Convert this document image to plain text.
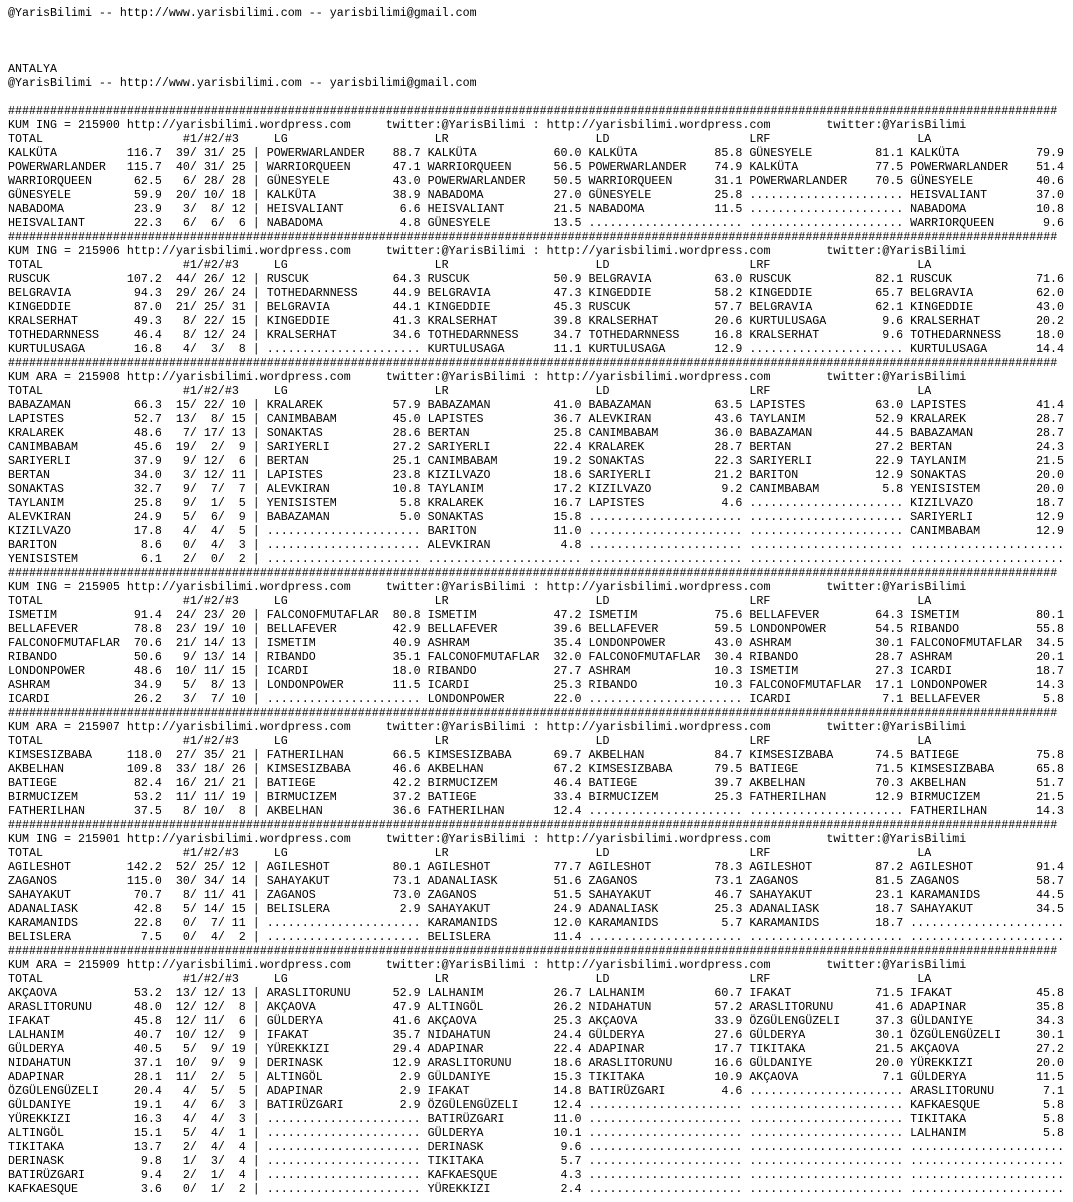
@YarisBilimi -- http://www.yarisbilimi.com -- yarisbilimi@gmail.com
ANTALYA
@YarisBilimi -- http://www.yarisbilimi.com -- yarisbilimi@gmail.com
######################################################################################################################################################
KUM ING = 215900 http://yarisbilimi.wordpress.com     twitter:@YarisBilimi : http://yarisbilimi.wordpress.com        twitter:@YarisBilimi
TOTAL	#1/#2/#3	LG	LR	LD	LRF	LA
KALKÜTA	116.7 39/ 31/ 25 | POWERWARLANDER 88.7 KALKÜTA	60.0 KALKÜTA	85.8 GÜNESYELE	81.1 KALKÜTA	79.9
POWERWARLANDER 115.7 40/ 31/ 25 | WARRIORQUEEN	47.1 WARRIORQUEEN	56.5 POWERWARLANDER 74.9 KALKÜTA	77.5 POWERWARLANDER 51.4
WARRIORQUEEN	62.5 6/ 28/ 28 | GÜNESYELE	43.0 POWERWARLANDER 50.5 WARRIORQUEEN	31.1 POWERWARLANDER 70.5 GÜNESYELE	40.6
GÜNESYELE	59.9 20/ 10/ 18 | KALKÜTA	38.9 NABADOMA	27.0 GÜNESYELE	25.8 ...................... HEISVALIANT	37.0
NABADOMA	23.9 3/ 8/ 12 | HEISVALIANT	6.6 HEISVALIANT	21.5 NABADOMA	11.5 ...................... NABADOMA	10.8
HEISVALIANT	22.3 6/ 6/ 6 | NABADOMA	4.8 GÜNESYELE	13.5 ...................... ...................... WARRIORQUEEN	9.6
######################################################################################################################################################
KUM ING = 215906 http://yarisbilimi.wordpress.com     twitter:@YarisBilimi : http://yarisbilimi.wordpress.com        twitter:@YarisBilimi
TOTAL	#1/#2/#3	LG	LR	LD	LRF	LA
RUSCUK	107.2 44/ 26/ 12 | RUSCUK	64.3 RUSCUK	50.9 BELGRAVIA	63.0 RUSCUK	82.1 RUSCUK	71.6
BELGRAVIA	94.3 29/ 26/ 24 | TOTHEDARNNESS	44.9 BELGRAVIA	47.3 KINGEDDIE	58.2 KINGEDDIE	65.7 BELGRAVIA	62.0
KINGEDDIE	87.0 21/ 25/ 31 | BELGRAVIA	44.1 KINGEDDIE	45.3 RUSCUK	57.7 BELGRAVIA	62.1 KINGEDDIE	43.0
KRALSERHAT	49.3 8/ 22/ 15 | KINGEDDIE	41.3 KRALSERHAT	39.8 KRALSERHAT	20.6 KURTULUSAGA	9.6 KRALSERHAT	20.2
TOTHEDARNNESS	46.4 8/ 12/ 24 | KRALSERHAT	34.6 TOTHEDARNNESS	34.7 TOTHEDARNNESS	16.8 KRALSERHAT	9.6 TOTHEDARNNESS	18.0
KURTULUSAGA	16.8 4/ 3/ 8 | ...................... KURTULUSAGA	11.1 KURTULUSAGA	12.9 ...................... KURTULUSAGA	14.4
######################################################################################################################################################
KUM ARA = 215908 http://yarisbilimi.wordpress.com     twitter:@YarisBilimi : http://yarisbilimi.wordpress.com        twitter:@YarisBilimi
TOTAL	#1/#2/#3	LG	LR	LD	LRF	LA
BABAZAMAN	66.3 15/ 22/ 10 | KRALAREK	57.9 BABAZAMAN	41.0 BABAZAMAN	63.5 LAPISTES	63.0 LAPISTES	41.4
LAPISTES	52.7 13/ 8/ 15 | CANIMBABAM	45.0 LAPISTES	36.7 ALEVKIRAN	43.6 TAYLANIM	52.9 KRALAREK	28.7
KRALAREK	48.6 7/ 17/ 13 | SONAKTAS	28.6 BERTAN	25.8 CANIMBABAM	36.0 BABAZAMAN	44.5 BABAZAMAN	28.7
CANIMBABAM	45.6 19/ 2/ 9 | SARIYERLI	27.2 SARIYERLI	22.4 KRALAREK	28.7 BERTAN	27.2 BERTAN	24.3
SARIYERLI	37.9 9/ 12/ 6 | BERTAN	25.1 CANIMBABAM	19.2 SONAKTAS	22.3 SARIYERLI	22.9 TAYLANIM	21.5
BERTAN	34.0 3/ 12/ 11 | LAPISTES	23.8 KIZILVAZO	18.6 SARIYERLI	21.2 BARITON	12.9 SONAKTAS	20.0
SONAKTAS	32.7 9/ 7/ 7 | ALEVKIRAN	10.8 TAYLANIM	17.2 KIZILVAZO	9.2 CANIMBABAM	5.8 YENISISTEM	20.0
TAYLANIM	25.8 9/ 1/ 5 | YENISISTEM	5.8 KRALAREK	16.7 LAPISTES	4.6 ...................... KIZILVAZO	18.7
ALEVKIRAN	24.9 5/ 6/ 9 | BABAZAMAN	5.0 SONAKTAS	15.8 ...................... ...................... SARIYERLI	12.9
KIZILVAZO	17.8 4/ 4/ 5 | ...................... BARITON	11.0 ...................... ...................... CANIMBABAM	12.9
BARITON	8.6 0/ 4/ 3 | ...................... ALEVKIRAN	4.8 ...................... ...................... ......................
YENISISTEM	6.1 2/ 0/ 2 | ...................... ...................... ...................... ...................... ......................
######################################################################################################################################################
KUM ING = 215905 http://yarisbilimi.wordpress.com     twitter:@YarisBilimi : http://yarisbilimi.wordpress.com        twitter:@YarisBilimi
TOTAL	#1/#2/#3	LG	LR	LD	LRF	LA
ISMETIM	91.4 24/ 23/ 20 | FALCONOFMUTAFLAR 80.8 ISMETIM	47.2 ISMETIM	75.6 BELLAFEVER	64.3 ISMETIM	80.1
BELLAFEVER	78.8 23/ 19/ 10 | BELLAFEVER	42.9 BELLAFEVER	39.6 BELLAFEVER	59.5 LONDONPOWER	54.5 RIBANDO	55.8
FALCONOFMUTAFLAR 70.6 21/ 14/ 13 | ISMETIM	40.9 ASHRAM	35.4 LONDONPOWER	43.0 ASHRAM	30.1 FALCONOFMUTAFLAR 34.5
RIBANDO	50.6 9/ 13/ 14 | RIBANDO	35.1 FALCONOFMUTAFLAR 32.0 FALCONOFMUTAFLAR 30.4 RIBANDO	28.7 ASHRAM	20.1
LONDONPOWER	48.6 10/ 11/ 15 | ICARDI	18.0 RIBANDO	27.7 ASHRAM	10.3 ISMETIM	27.3 ICARDI	18.7
ASHRAM	34.9 5/ 8/ 13 | LONDONPOWER	11.5 ICARDI	25.3 RIBANDO	10.3 FALCONOFMUTAFLAR 17.1 LONDONPOWER	14.3
ICARDI	26.2 3/ 7/ 10 | ...................... LONDONPOWER	22.0 ...................... ICARDI	7.1 BELLAFEVER	5.8
######################################################################################################################################################
KUM ARA = 215907 http://yarisbilimi.wordpress.com     twitter:@YarisBilimi : http://yarisbilimi.wordpress.com        twitter:@YarisBilimi
TOTAL	#1/#2/#3	LG	LR	LD	LRF	LA
KIMSESIZBABA	118.0 27/ 35/ 21 | FATHERILHAN	66.5 KIMSESIZBABA	69.7 AKBELHAN	84.7 KIMSESIZBABA	74.5 BATIEGE	75.8
AKBELHAN	109.8 33/ 18/ 26 | KIMSESIZBABA	46.6 AKBELHAN	67.2 KIMSESIZBABA	79.5 BATIEGE	71.5 KIMSESIZBABA	65.8
BATIEGE	82.4 16/ 21/ 21 | BATIEGE	42.2 BIRMUCIZEM	46.4 BATIEGE	39.7 AKBELHAN	70.3 AKBELHAN	51.7
BIRMUCIZEM	53.2 11/ 11/ 19 | BIRMUCIZEM	37.2 BATIEGE	33.4 BIRMUCIZEM	25.3 FATHERILHAN	12.9 BIRMUCIZEM	21.5
FATHERILHAN	37.5 8/ 10/ 8 | AKBELHAN	36.6 FATHERILHAN	12.4 ...................... ...................... FATHERILHAN	14.3
######################################################################################################################################################
KUM ING = 215901 http://yarisbilimi.wordpress.com     twitter:@YarisBilimi : http://yarisbilimi.wordpress.com        twitter:@YarisBilimi
TOTAL	#1/#2/#3	LG	LR	LD	LRF	LA
AGILESHOT	142.2 52/ 25/ 12 | AGILESHOT	80.1 AGILESHOT	77.7 AGILESHOT	78.3 AGILESHOT	87.2 AGILESHOT	91.4
ZAGANOS	115.0 30/ 34/ 14 | SAHAYAKUT	73.1 ADANALIASK	51.6 ZAGANOS	73.1 ZAGANOS	81.5 ZAGANOS	58.7
SAHAYAKUT	70.7 8/ 11/ 41 | ZAGANOS	73.0 ZAGANOS	51.5 SAHAYAKUT	46.7 SAHAYAKUT	23.1 KARAMANIDS	44.5
ADANALIASK	42.8 5/ 14/ 15 | BELISLERA	2.9 SAHAYAKUT	24.9 ADANALIASK	25.3 ADANALIASK	18.7 SAHAYAKUT	34.5
KARAMANIDS	22.8 0/ 7/ 11 | ...................... KARAMANIDS	12.0 KARAMANIDS	5.7 KARAMANIDS	18.7 ......................
BELISLERA	7.5 0/ 4/ 2 | ...................... BELISLERA	11.4 ...................... ...................... ......................
######################################################################################################################################################
KUM ARA = 215909 http://yarisbilimi.wordpress.com     twitter:@YarisBilimi : http://yarisbilimi.wordpress.com        twitter:@YarisBilimi
TOTAL	#1/#2/#3	LG	LR	LD	LRF	LA
AKÇAOVA	53.2 13/ 12/ 13 | ARASLITORUNU	52.9 LALHANIM	26.7 LALHANIM	60.7 IFAKAT	71.5 IFAKAT	45.8
ARASLITORUNU	48.0 12/ 12/ 8 | AKÇAOVA	47.9 ALTINGÖL	26.2 NIDAHATUN	57.2 ARASLITORUNU	41.6 ADAPINAR	35.8
IFAKAT	45.8 12/ 11/ 6 | GÜLDERYA	41.6 AKÇAOVA	25.3 AKÇAOVA	33.9 ÖZGÜLENGÜZELI	37.3 GÜLDANIYE	34.3
LALHANIM	40.7 10/ 12/ 9 | IFAKAT	35.7 NIDAHATUN	24.4 GÜLDERYA	27.6 GÜLDERYA	30.1 ÖZGÜLENGÜZELI	30.1
GÜLDERYA	40.5 5/ 9/ 19 | YÜREKKIZI	29.4 ADAPINAR	22.4 ADAPINAR	17.7 TIKITAKA	21.5 AKÇAOVA	27.2
NIDAHATUN	37.1 10/ 9/ 9 | DERINASK	12.9 ARASLITORUNU	18.6 ARASLITORUNU	16.6 GÜLDANIYE	20.0 YÜREKKIZI	20.0
ADAPINAR	28.1 11/ 2/ 5 | ALTINGÖL	2.9 GÜLDANIYE	15.3 TIKITAKA	10.9 AKÇAOVA	7.1 GÜLDERYA	11.5
ÖZGÜLENGÜZELI	20.4 4/ 5/ 5 | ADAPINAR	2.9 IFAKAT	14.8 BATIRÜZGARI	4.6 ...................... ARASLITORUNU	7.1
GÜLDANIYE	19.1 4/ 6/ 3 | BATIRÜZGARI	2.9 ÖZGÜLENGÜZELI	12.4 ...................... ...................... KAFKAESQUE	5.8
YÜREKKIZI	16.3 4/ 4/ 3 | ...................... BATIRÜZGARI	11.0 ...................... ...................... TIKITAKA	5.8
ALTINGÖL	15.1 5/ 4/ 1 | ...................... GÜLDERYA	10.1 ...................... ...................... LALHANIM	5.8
TIKITAKA	13.7 2/ 4/ 4 | ...................... DERINASK	9.6 ...................... ...................... ......................
DERINASK	9.8 1/ 3/ 4 | ...................... TIKITAKA	5.7 ...................... ...................... ......................
BATIRÜZGARI	9.4 2/ 1/ 4 | ...................... KAFKAESQUE	4.3 ...................... ...................... ......................
KAFKAESQUE	3.6 0/ 1/ 2 | ...................... YÜREKKIZI	2.4 ...................... ...................... ......................
